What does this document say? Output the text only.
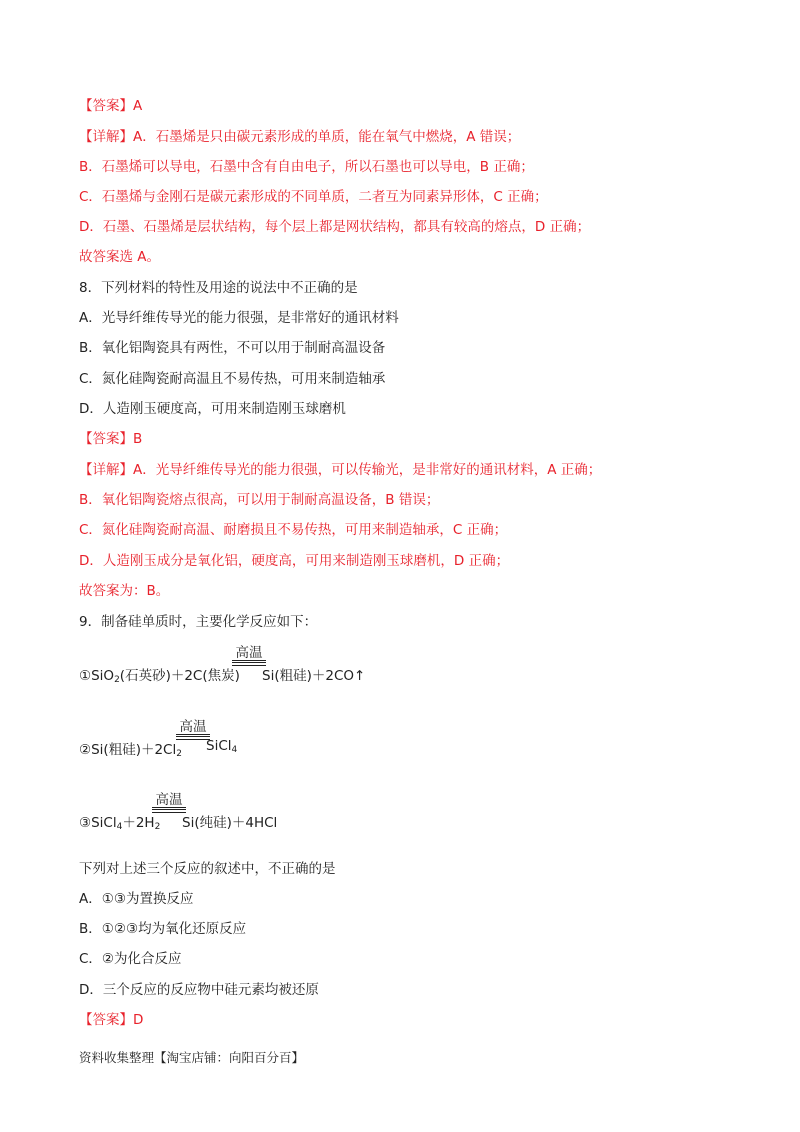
【答案】A
【详解】A．石墨烯是只由碳元素形成的单质，能在氧气中燃烧，A 错误；
B．石墨烯可以导电，石墨中含有自由电子，所以石墨也可以导电，B 正确；
C．石墨烯与金刚石是碳元素形成的不同单质，二者互为同素异形体，C 正确；
D．石墨、石墨烯是层状结构，每个层上都是网状结构，都具有较高的熔点，D 正确；
故答案选 A。
8．下列材料的特性及用途的说法中不正确的是
A．光导纤维传导光的能力很强，是非常好的通讯材料
B．氧化铝陶瓷具有两性，不可以用于制耐高温设备
C．氮化硅陶瓷耐高温且不易传热，可用来制造轴承
D．人造刚玉硬度高，可用来制造刚玉球磨机
【答案】B
【详解】A．光导纤维传导光的能力很强，可以传输光，是非常好的通讯材料，A 正确；
B．氧化铝陶瓷熔点很高，可以用于制耐高温设备，B 错误；
C．氮化硅陶瓷耐高温、耐磨损且不易传热，可用来制造轴承，C 正确；
D．人造刚玉成分是氧化铝，硬度高，可用来制造刚玉球磨机，D 正确；
故答案为：B。
9．制备硅单质时，主要化学反应如下：
①SiO$_2$(石英砂)＋2C(焦炭)
高温
Si(粗硅)＋2CO↑
②Si(粗硅)$+2Cl_2$
高温
SiCl$_4$
$③SiCl_4+2H_2$
高温
Si(纯硅)＋4HCl
下列对上述三个反应的叙述中，不正确的是
A．①③为置换反应
B．①②③均为氧化还原反应
C．②为化合反应
D．三个反应的反应物中硅元素均被还原
【答案】D
资料收集整理【淘宝店铺：向阳百分百】
